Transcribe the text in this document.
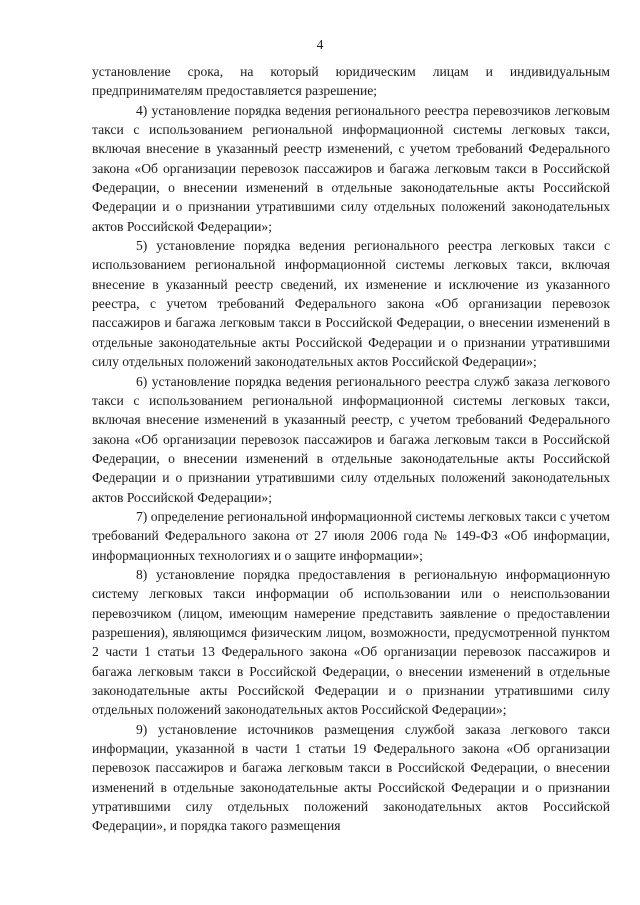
4

установление срока, на который юридическим лицам и индивидуальным предпринимателям предоставляется разрешение;

4) установление порядка ведения регионального реестра перевозчиков легковым такси с использованием региональной информационной системы легковых такси, включая внесение в указанный реестр изменений, с учетом требований Федерального закона «Об организации перевозок пассажиров и багажа легковым такси в Российской Федерации, о внесении изменений в отдельные законодательные акты Российской Федерации и о признании утратившими силу отдельных положений законодательных актов Российской Федерации»;

5) установление порядка ведения регионального реестра легковых такси с использованием региональной информационной системы легковых такси, включая внесение в указанный реестр сведений, их изменение и исключение из указанного реестра, с учетом требований Федерального закона «Об организации перевозок пассажиров и багажа легковым такси в Российской Федерации, о внесении изменений в отдельные законодательные акты Российской Федерации и о признании утратившими силу отдельных положений законодательных актов Российской Федерации»;

6) установление порядка ведения регионального реестра служб заказа легкового такси с использованием региональной информационной системы легковых такси, включая внесение изменений в указанный реестр, с учетом требований Федерального закона «Об организации перевозок пассажиров и багажа легковым такси в Российской Федерации, о внесении изменений в отдельные законодательные акты Российской Федерации и о признании утратившими силу отдельных положений законодательных актов Российской Федерации»;

7) определение региональной информационной системы легковых такси с учетом требований Федерального закона от 27 июля 2006 года № 149-ФЗ «Об информации, информационных технологиях и о защите информации»;

8) установление порядка предоставления в региональную информационную систему легковых такси информации об использовании или о неиспользовании перевозчиком (лицом, имеющим намерение представить заявление о предоставлении разрешения), являющимся физическим лицом, возможности, предусмотренной пунктом 2 части 1 статьи 13 Федерального закона «Об организации перевозок пассажиров и багажа легковым такси в Российской Федерации, о внесении изменений в отдельные законодательные акты Российской Федерации и о признании утратившими силу отдельных положений законодательных актов Российской Федерации»;

9) установление источников размещения службой заказа легкового такси информации, указанной в части 1 статьи 19 Федерального закона «Об организации перевозок пассажиров и багажа легковым такси в Российской Федерации, о внесении изменений в отдельные законодательные акты Российской Федерации и о признании утратившими силу отдельных положений законодательных актов Российской Федерации», и порядка такого размещения
